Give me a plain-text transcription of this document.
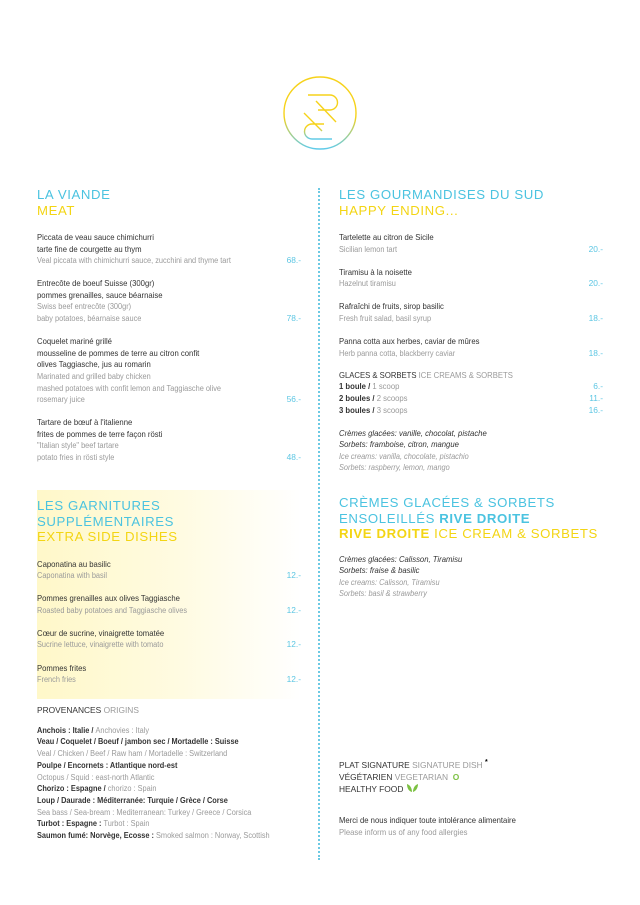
LA VIANDE
MEAT
Piccata de veau sauce chimichurri
tarte fine de courgette au thym
Veal piccata with chimichurri sauce, zucchini and thyme tart	68.-
Entrecôte de boeuf Suisse (300gr)
pommes grenailles, sauce béarnaise
Swiss beef entrecôte (300gr)
baby potatoes, béarnaise sauce	78.-
Coquelet mariné grillé
mousseline de pommes de terre au citron confit
olives Taggiasche, jus au romarin
Marinated and grilled baby chicken
mashed potatoes with confit lemon and Taggiasche olive
rosemary juice	56.-
Tartare de bœuf à l'italienne
frites de pommes de terre façon rösti
"Italian style" beef tartare
potato fries in rösti style	48.-
LES GARNITURES SUPPLÉMENTAIRES
EXTRA SIDE DISHES
Caponatina au basilic
Caponatina with basil	12.-
Pommes grenailles aux olives Taggiasche
Roasted baby potatoes and Taggiasche olives	12.-
Cœur de sucrine, vinaigrette tomatée
Sucrine lettuce, vinaigrette with tomato	12.-
Pommes frites
French fries	12.-
LES GOURMANDISES DU SUD
HAPPY ENDING...
Tartelette au citron de Sicile
Sicilian lemon tart	20.-
Tiramisu à la noisette
Hazelnut tiramisu	20.-
Rafraîchi de fruits, sirop basilic
Fresh fruit salad, basil syrup	18.-
Panna cotta aux herbes, caviar de mûres
Herb panna cotta, blackberry caviar	18.-
GLACES & SORBETS ICE CREAMS & SORBETS
1 boule / 1 scoop	6.-
2 boules / 2 scoops	11.-
3 boules / 3 scoops	16.-
Crèmes glacées: vanille, chocolat, pistache
Sorbets: framboise, citron, mangue
Ice creams: vanilla, chocolate, pistachio
Sorbets: raspberry, lemon, mango
CRÈMES GLACÉES & SORBETS
ENSOLEILLÉS RIVE DROITE
RIVE DROITE ICE CREAM & SORBETS
Crèmes glacées: Calisson, Tiramisu
Sorbets: fraise & basilic
Ice creams: Calisson, Tiramisu
Sorbets: basil & strawberry
PROVENANCES ORIGINS
Anchois : Italie / Anchovies : Italy
Veau / Coquelet / Boeuf / jambon sec / Mortadelle : Suisse
Veal / Chicken / Beef / Raw ham / Mortadelle : Switzerland
Poulpe / Encornets : Atlantique nord-est
Octopus / Squid : east-north Atlantic
Chorizo : Espagne / chorizo : Spain
Loup / Daurade : Méditerranée: Turquie / Grèce / Corse
Sea bass / Sea-bream : Mediterranean: Turkey / Greece / Corsica
Turbot : Espagne : Turbot : Spain
Saumon fumé: Norvège, Ecosse : Smoked salmon : Norway, Scottish
PLAT SIGNATURE SIGNATURE DISH *
VÉGÉTARIEN VEGETARIAN O
HEALTHY FOOD
Merci de nous indiquer toute intolérance alimentaire
Please inform us of any food allergies
